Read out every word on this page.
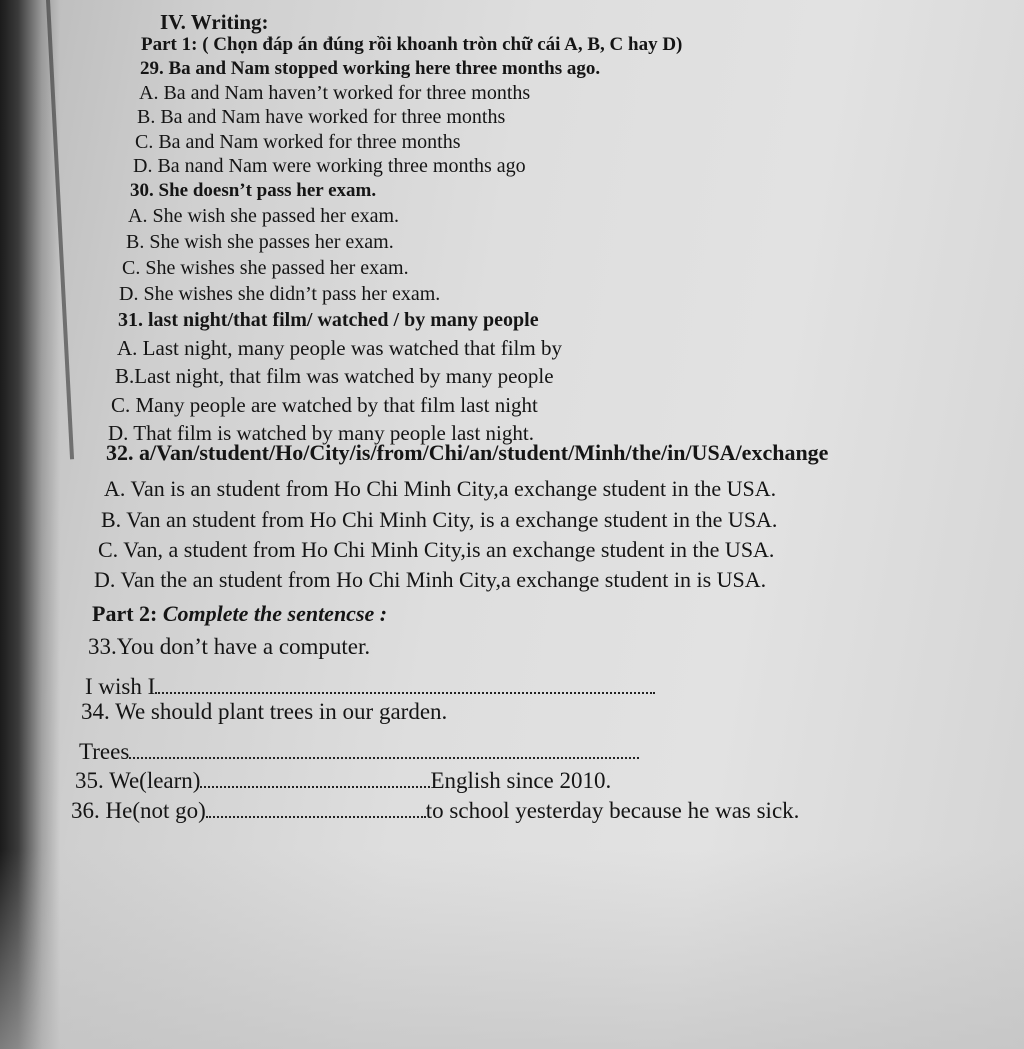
IV. Writing:
Part 1: ( Chọn đáp án đúng rồi khoanh tròn chữ cái A, B, C hay D)
29. Ba and Nam stopped working here three months ago.
A. Ba and Nam haven’t worked for three months
B. Ba and Nam have worked for three months
C. Ba and Nam worked for three months
D. Ba nand Nam were working three months ago
30. She doesn’t pass her exam.
A. She wish she passed her exam.
B. She wish she passes her exam.
C. She wishes she passed her exam.
D. She wishes she didn’t pass her exam.
31. last night/that film/ watched / by many people
A. Last night, many people was watched that film by
B.Last night, that film was watched by many people
C. Many people are watched by that film last night
D. That film is watched by many people last night.
32. a/Van/student/Ho/City/is/from/Chi/an/student/Minh/the/in/USA/exchange
A. Van is an student from Ho Chi Minh City,a exchange student in the USA.
B. Van an student from Ho Chi Minh City, is a exchange student in the USA.
C. Van, a student from Ho Chi Minh City,is an exchange student in the USA.
D. Van the an student from Ho Chi Minh City,a exchange student in is USA.
Part 2: Complete the sentencse :
33.You don’t have a computer.
I wish I
34. We should plant trees in our garden.
Trees
35. We(learn)	English since 2010.
36. He(not go)	to school yesterday because he was sick.
